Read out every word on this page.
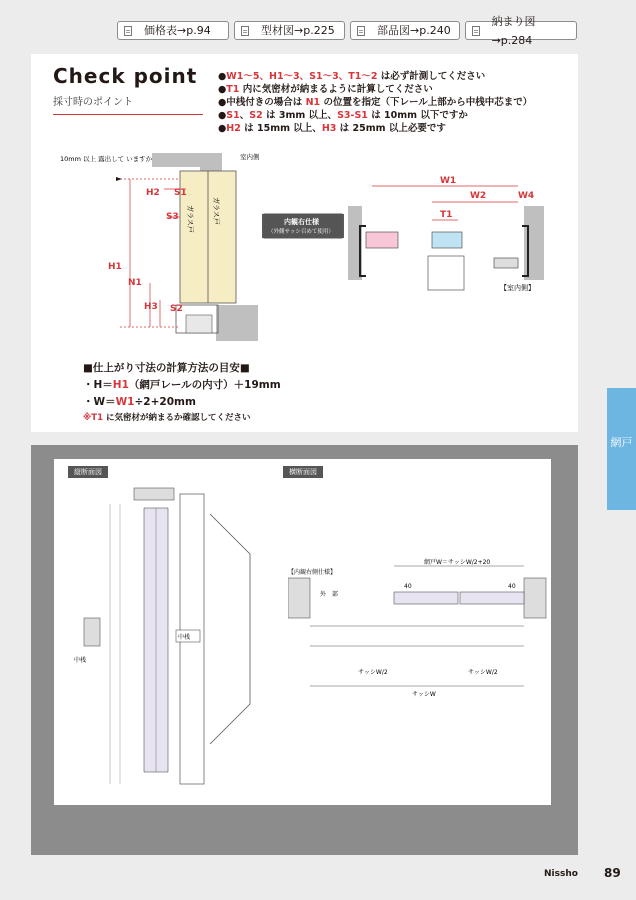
価格表→p.94	型材図→p.225	部品図→p.240
納まり図→p.284
Check point
採寸時のポイント
●W1〜5、H1〜3、S1〜3、T1〜2 は必ず計測してください
●T1 内に気密材が納まるように計算してください
●中桟付きの場合は N1 の位置を指定（下レール上部から中桟中芯まで）
●S1、S2 は 3mm 以上、S3-S1 は 10mm 以下ですか
●H2 は 15mm 以上、H3 は 25mm 以上必要です
10mm 以上 露出して いますか	室内側
ガラス戸	ガラス戸
H2 S1
S3
H1
N1
H3 S2
内観右仕様
（外側サッシ召めて使用）
W1
W2	W4
T1
【室内側】
■仕上がり寸法の計算方法の目安■
・H＝H1（網戸レールの内寸）＋19mm
・W＝W1÷2+20mm
※T1 に気密材が納まるか確認してください
縦断面図	横断面図
中桟
中桟
【内観右側仕様】
外　部
網戸W＝サッシW/2+20
40	40
サッシW/2	サッシW/2
サッシW
網戸
Nissho 89
